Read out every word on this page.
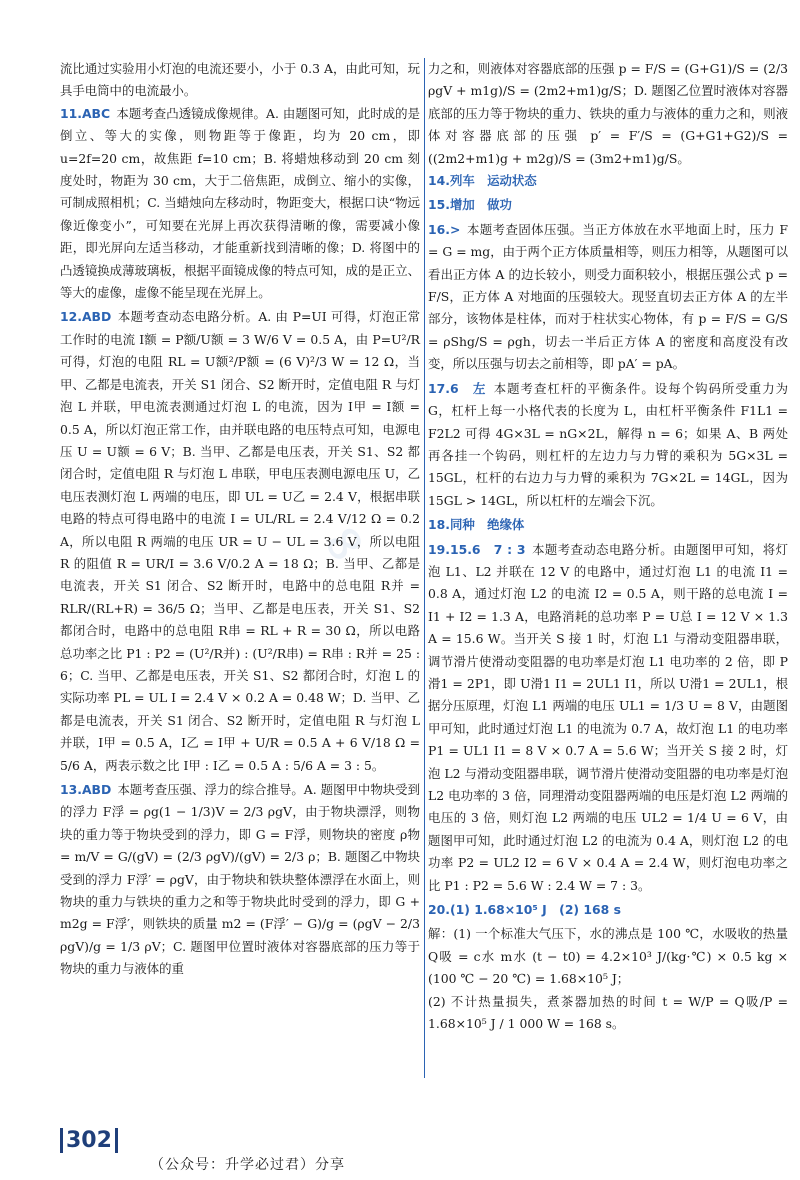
∞

流比通过实验用小灯泡的电流还要小，小于 0.3 A，由此可知，玩具手电筒中的电流最小。

11.ABC  本题考查凸透镜成像规律。A. 由题图可知，此时成的是倒立、等大的实像，则物距等于像距，均为 20 cm，即 u=2f=20 cm，故焦距 f=10 cm；B. 将蜡烛移动到 20 cm 刻度处时，物距为 30 cm，大于二倍焦距，成倒立、缩小的实像，可制成照相机；C. 当蜡烛向左移动时，物距变大，根据口诀“物远像近像变小”，可知要在光屏上再次获得清晰的像，需要减小像距，即光屏向左适当移动，才能重新找到清晰的像；D. 将图中的凸透镜换成薄玻璃板，根据平面镜成像的特点可知，成的是正立、等大的虚像，虚像不能呈现在光屏上。

12.ABD  本题考查动态电路分析。A. 由 P=UI 可得，灯泡正常工作时的电流 I额 = P额/U额 = 3 W/6 V = 0.5 A，由 P=U²/R 可得，灯泡的电阻 RL = U额²/P额 = (6 V)²/3 W = 12 Ω，当甲、乙都是电流表，开关 S1 闭合、S2 断开时，定值电阻 R 与灯泡 L 并联，甲电流表测通过灯泡 L 的电流，因为 I甲 = I额 = 0.5 A，所以灯泡正常工作，由并联电路的电压特点可知，电源电压 U = U额 = 6 V；B. 当甲、乙都是电压表，开关 S1、S2 都闭合时，定值电阻 R 与灯泡 L 串联，甲电压表测电源电压 U，乙电压表测灯泡 L 两端的电压，即 UL = U乙 = 2.4 V，根据串联电路的特点可得电路中的电流 I = UL/RL = 2.4 V/12 Ω = 0.2 A，所以电阻 R 两端的电压 UR = U − UL = 3.6 V，所以电阻 R 的阻值 R = UR/I = 3.6 V/0.2 A = 18 Ω；B. 当甲、乙都是电流表，开关 S1 闭合、S2 断开时，电路中的总电阻 R并 = RLR/(RL+R) = 36/5 Ω；当甲、乙都是电压表，开关 S1、S2 都闭合时，电路中的总电阻 R串 = RL + R = 30 Ω，所以电路总功率之比 P1 : P2 = (U²/R并) : (U²/R串) = R串 : R并 = 25 : 6；C. 当甲、乙都是电压表，开关 S1、S2 都闭合时，灯泡 L 的实际功率 PL = UL I = 2.4 V × 0.2 A = 0.48 W；D. 当甲、乙都是电流表，开关 S1 闭合、S2 断开时，定值电阻 R 与灯泡 L 并联，I甲 = 0.5 A，I乙 = I甲 + U/R = 0.5 A + 6 V/18 Ω = 5/6 A，两表示数之比 I甲 : I乙 = 0.5 A : 5/6 A = 3 : 5。

13.ABD  本题考查压强、浮力的综合推导。A. 题图甲中物块受到的浮力 F浮 = ρg(1 − 1/3)V = 2/3 ρgV，由于物块漂浮，则物块的重力等于物块受到的浮力，即 G = F浮，则物块的密度 ρ物 = m/V = G/(gV) = (2/3 ρgV)/(gV) = 2/3 ρ；B. 题图乙中物块受到的浮力 F浮′ = ρgV，由于物块和铁块整体漂浮在水面上，则物块的重力与铁块的重力之和等于物块此时受到的浮力，即 G + m2g = F浮′，则铁块的质量 m2 = (F浮′ − G)/g = (ρgV − 2/3 ρgV)/g = 1/3 ρV；C. 题图甲位置时液体对容器底部的压力等于物块的重力与液体的重

力之和，则液体对容器底部的压强 p = F/S = (G+G1)/S = (2/3 ρgV + m1g)/S = (2m2+m1)g/S；D. 题图乙位置时液体对容器底部的压力等于物块的重力、铁块的重力与液体的重力之和，则液体对容器底部的压强 p′ = F′/S = (G+G1+G2)/S = ((2m2+m1)g + m2g)/S = (3m2+m1)g/S。

14.列车　运动状态 

15.增加　做功 

16.>  本题考查固体压强。当正方体放在水平地面上时，压力 F = G = mg，由于两个正方体质量相等，则压力相等，从题图可以看出正方体 A 的边长较小，则受力面积较小，根据压强公式 p = F/S，正方体 A 对地面的压强较大。现竖直切去正方体 A 的左半部分，该物体是柱体，而对于柱状实心物体，有 p = F/S = G/S = ρShg/S = ρgh，切去一半后正方体 A 的密度和高度没有改变，所以压强与切去之前相等，即 pA′ = pA。

17.6　左  本题考查杠杆的平衡条件。设每个钩码所受重力为 G，杠杆上每一小格代表的长度为 L，由杠杆平衡条件 F1L1 = F2L2 可得 4G×3L = nG×2L，解得 n = 6；如果 A、B 两处再各挂一个钩码，则杠杆的左边力与力臂的乘积为 5G×3L = 15GL，杠杆的右边力与力臂的乘积为 7G×2L = 14GL，因为 15GL > 14GL，所以杠杆的左端会下沉。

18.同种　绝缘体 

19.15.6　7 : 3  本题考查动态电路分析。由题图甲可知，将灯泡 L1、L2 并联在 12 V 的电路中，通过灯泡 L1 的电流 I1 = 0.8 A，通过灯泡 L2 的电流 I2 = 0.5 A，则干路的总电流 I = I1 + I2 = 1.3 A，电路消耗的总功率 P = U总 I = 12 V × 1.3 A = 15.6 W。当开关 S 接 1 时，灯泡 L1 与滑动变阻器串联，调节滑片使滑动变阻器的电功率是灯泡 L1 电功率的 2 倍，即 P滑1 = 2P1，即 U滑1 I1 = 2UL1 I1，所以 U滑1 = 2UL1，根据分压原理，灯泡 L1 两端的电压 UL1 = 1/3 U = 8 V，由题图甲可知，此时通过灯泡 L1 的电流为 0.7 A，故灯泡 L1 的电功率 P1 = UL1 I1 = 8 V × 0.7 A = 5.6 W；当开关 S 接 2 时，灯泡 L2 与滑动变阻器串联，调节滑片使滑动变阻器的电功率是灯泡 L2 电功率的 3 倍，同理滑动变阻器两端的电压是灯泡 L2 两端的电压的 3 倍，则灯泡 L2 两端的电压 UL2 = 1/4 U = 6 V，由题图甲可知，此时通过灯泡 L2 的电流为 0.4 A，则灯泡 L2 的电功率 P2 = UL2 I2 = 6 V × 0.4 A = 2.4 W，则灯泡电功率之比 P1 : P2 = 5.6 W : 2.4 W = 7 : 3。

20.(1) 1.68×10⁵ J　(2) 168 s 

解：(1) 一个标准大气压下，水的沸点是 100 ℃，水吸收的热量 Q吸 = c水 m水 (t − t0) = 4.2×10³ J/(kg·℃) × 0.5 kg × (100 ℃ − 20 ℃) = 1.68×10⁵ J；

(2) 不计热量损失，煮茶器加热的时间 t = W/P = Q吸/P = 1.68×10⁵ J / 1 000 W = 168 s。

302
（公众号：升学必过君）分享
